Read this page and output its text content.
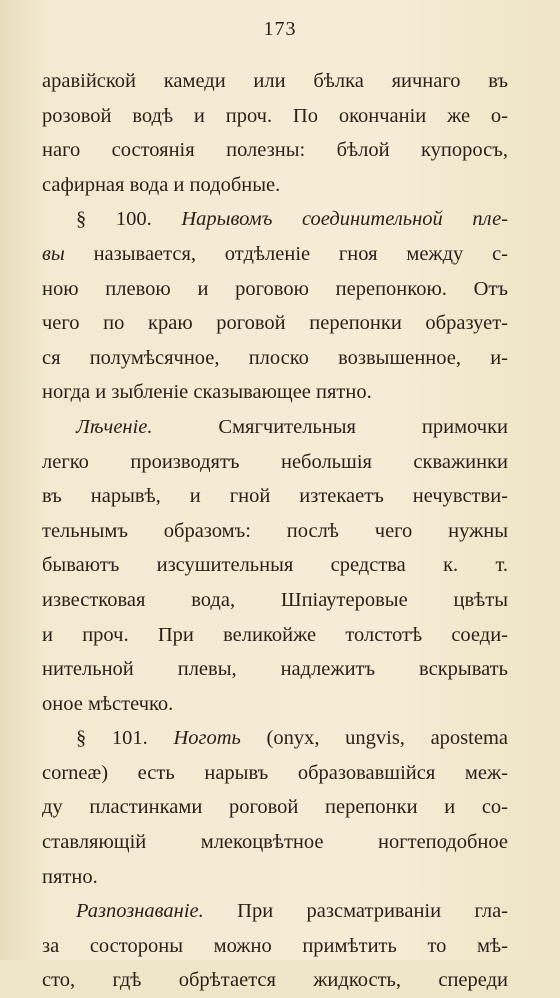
173
аравійской камеди или бѣлка яичнаго въ
розовой водѣ и проч. По окончаніи же о-
наго состоянія полезны: бѣлой купоросъ,
сафирная вода и подобные.
§ 100. Нарывомъ соединительной пле-
вы называется, отдѣленіе гноя между с-
ною плевою и роговою перепонкою. Отъ
чего по краю роговой перепонки образует-
ся полумѣсячное, плоско возвышенное, и-
ногда и зыбленіе сказывающее пятно.
Лѣченіе. Смягчительныя примочки
легко производятъ небольшія скважинки
въ нарывѣ, и гной изтекаетъ нечувстви-
тельнымъ образомъ: послѣ чего нужны
бываютъ изсушительныя средства к. т.
известковая вода, Шпіаутеровые цвѣты
и проч. При великойже толстотѣ соеди-
нительной плевы, надлежитъ вскрывать
оное мѣстечко.
§ 101. Ноготь (onyx, ungvis, apostema
corneæ) есть нарывъ образовавшійся меж-
ду пластинками роговой перепонки и со-
ставляющій млекоцвѣтное ногтеподобное
пятно.
Разпознаваніе. При разсматриваніи гла-
за состороны можно примѣтить то мѣ-
сто, гдѣ обрѣтается жидкость, спереди
